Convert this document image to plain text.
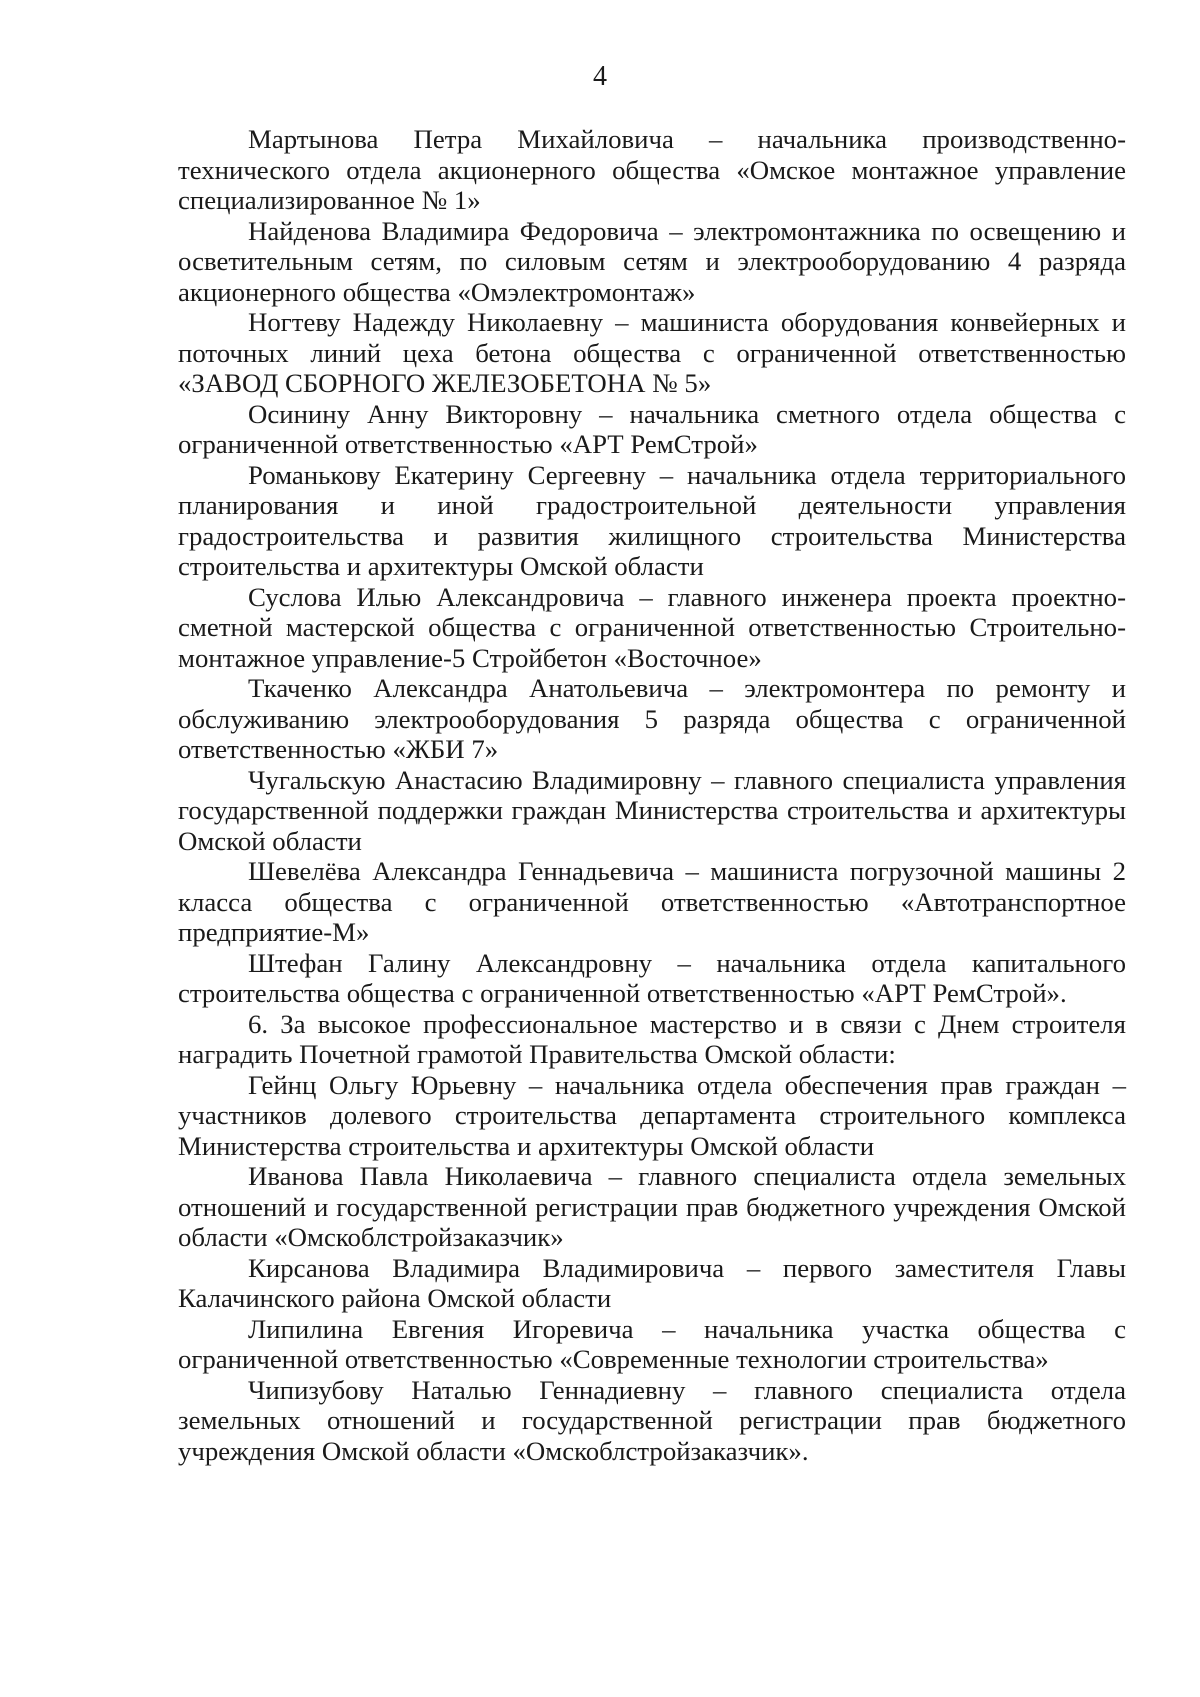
4

Мартынова Петра Михайловича – начальника производственно-технического отдела акционерного общества «Омское монтажное управление специализированное № 1»

Найденова Владимира Федоровича – электромонтажника по освещению и осветительным сетям, по силовым сетям и электрооборудованию 4 разряда акционерного общества «Омэлектромонтаж»

Ногтеву Надежду Николаевну – машиниста оборудования конвейерных и поточных линий цеха бетона общества с ограниченной ответственностью «ЗАВОД СБОРНОГО ЖЕЛЕЗОБЕТОНА № 5»

Осинину Анну Викторовну – начальника сметного отдела общества с ограниченной ответственностью «АРТ РемСтрой»

Романькову Екатерину Сергеевну – начальника отдела территориального планирования и иной градостроительной деятельности управления градостроительства и развития жилищного строительства Министерства строительства и архитектуры Омской области

Суслова Илью Александровича – главного инженера проекта проектно-сметной мастерской общества с ограниченной ответственностью Строительно-монтажное управление-5 Стройбетон «Восточное»

Ткаченко Александра Анатольевича – электромонтера по ремонту и обслуживанию электрооборудования 5 разряда общества с ограниченной ответственностью «ЖБИ 7»

Чугальскую Анастасию Владимировну – главного специалиста управления государственной поддержки граждан Министерства строительства и архитектуры Омской области

Шевелёва Александра Геннадьевича – машиниста погрузочной машины 2 класса общества с ограниченной ответственностью «Автотранспортное предприятие-М»

Штефан Галину Александровну – начальника отдела капитального строительства общества с ограниченной ответственностью «АРТ РемСтрой».

6. За высокое профессиональное мастерство и в связи с Днем строителя наградить Почетной грамотой Правительства Омской области:

Гейнц Ольгу Юрьевну – начальника отдела обеспечения прав граждан – участников долевого строительства департамента строительного комплекса Министерства строительства и архитектуры Омской области

Иванова Павла Николаевича – главного специалиста отдела земельных отношений и государственной регистрации прав бюджетного учреждения Омской области «Омскоблстройзаказчик»

Кирсанова Владимира Владимировича – первого заместителя Главы Калачинского района Омской области

Липилина Евгения Игоревича – начальника участка общества с ограниченной ответственностью «Современные технологии строительства»

Чипизубову Наталью Геннадиевну – главного специалиста отдела земельных отношений и государственной регистрации прав бюджетного учреждения Омской области «Омскоблстройзаказчик».
